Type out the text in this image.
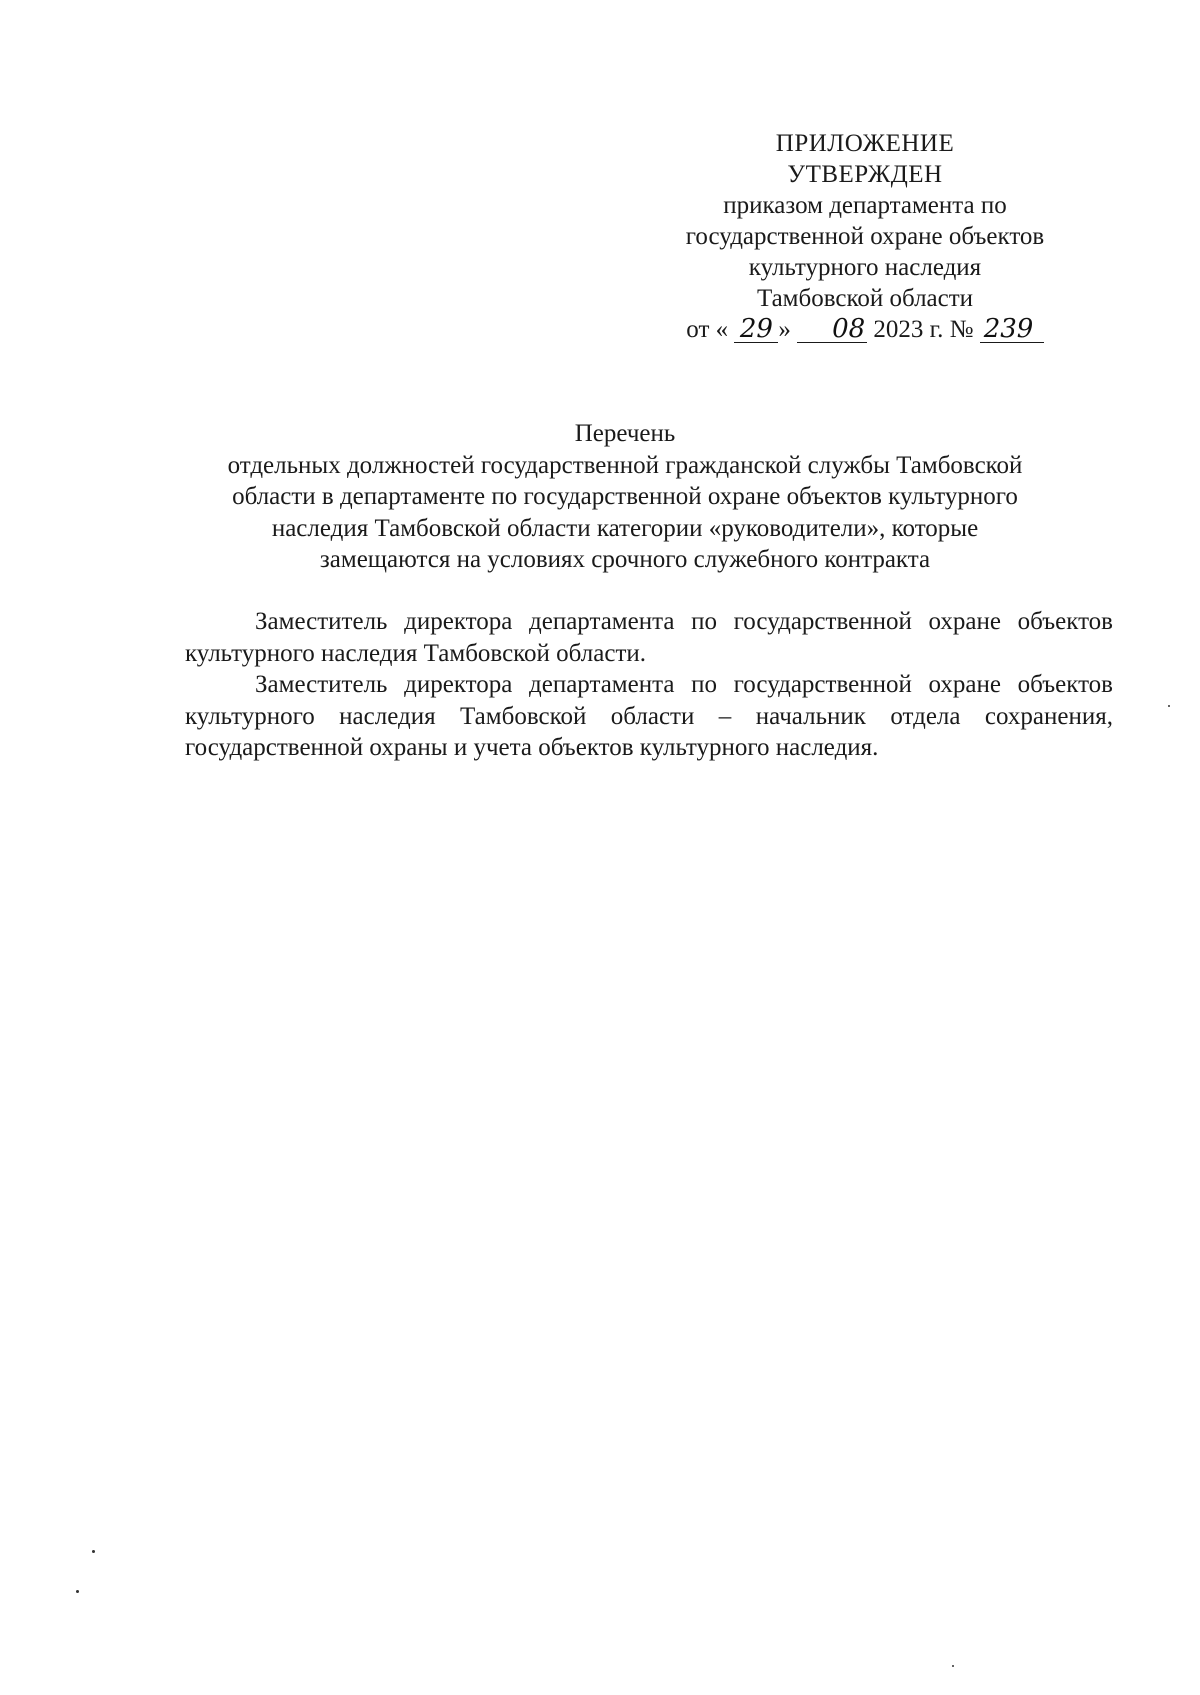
ПРИЛОЖЕНИЕ
УТВЕРЖДЕН
приказом департамента по
государственной охране объектов
культурного наследия
Тамбовской области
от « 29 » 08 2023 г. № 239
Перечень
отдельных должностей государственной гражданской службы Тамбовской
области в департаменте по государственной охране объектов культурного
наследия Тамбовской области категории «руководители», которые
замещаются на условиях срочного служебного контракта

Заместитель директора департамента по государственной охране объектов культурного наследия Тамбовской области.

Заместитель директора департамента по государственной охране объектов культурного наследия Тамбовской области – начальник отдела сохранения, государственной охраны и учета объектов культурного наследия.
